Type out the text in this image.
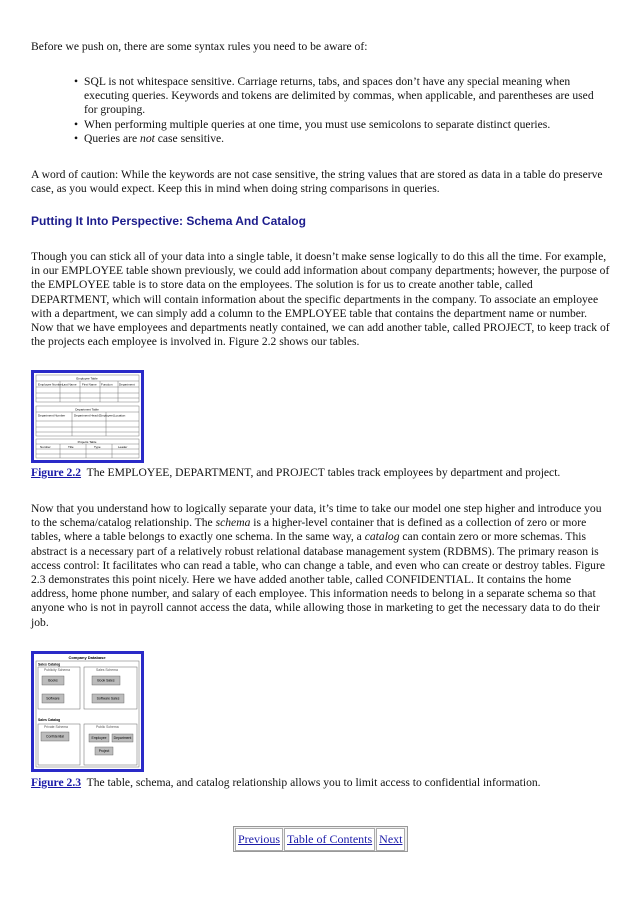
Before we push on, there are some syntax rules you need to be aware of:

• SQL is not whitespace sensitive. Carriage returns, tabs, and spaces don’t have any special meaning when executing queries. Keywords and tokens are delimited by commas, when applicable, and parentheses are used for grouping.
• When performing multiple queries at one time, you must use semicolons to separate distinct queries.
• Queries are not case sensitive.

A word of caution: While the keywords are not case sensitive, the string values that are stored as data in a table do preserve case, as you would expect. Keep this in mind when doing string comparisons in queries.

Putting It Into Perspective: Schema And Catalog

Though you can stick all of your data into a single table, it doesn’t make sense logically to do this all the time. For example, in our EMPLOYEE table shown previously, we could add information about company departments; however, the purpose of the EMPLOYEE table is to store data on the employees. The solution is for us to create another table, called DEPARTMENT, which will contain information about the specific departments in the company. To associate an employee with a department, we can simply add a column to the EMPLOYEE table that contains the department name or number. Now that we have employees and departments neatly contained, we can add another table, called PROJECT, to keep track of the projects each employee is involved in. Figure 2.2 shows our tables.

Employee Table
Employee Number Last Name First Name Function Department
Department Table
Department Number	Department Head (Employee) Location
Projects Table
Number	Title	Type	Leader

Figure 2.2 The EMPLOYEE, DEPARTMENT, and PROJECT tables track employees by department and project.

Now that you understand how to logically separate your data, it’s time to take our model one step higher and introduce you to the schema/catalog relationship. The schema is a higher-level container that is defined as a collection of zero or more tables, where a table belongs to exactly one schema. In the same way, a catalog can contain zero or more schemas. This abstract is a necessary part of a relatively robust relational database management system (RDBMS). The primary reason is access control: It facilitates who can read a table, who can change a table, and even who can create or destroy tables. Figure 2.3 demonstrates this point nicely. Here we have added another table, called CONFIDENTIAL. It contains the home address, home phone number, and salary of each employee. This information needs to belong in a separate schema so that anyone who is not in payroll cannot access the data, while allowing those in marketing to get the necessary data to do their job.

Company Database
Sales Catalog
Publicity Schema	Sales Schema
Books
Software
Book Sales
Software Sales
Sales Catalog
Private Schema	Public Schema
Confidential	Employee Department
Project

Figure 2.3 The table, schema, and catalog relationship allows you to limit access to confidential information.

Previous Table of Contents Next
